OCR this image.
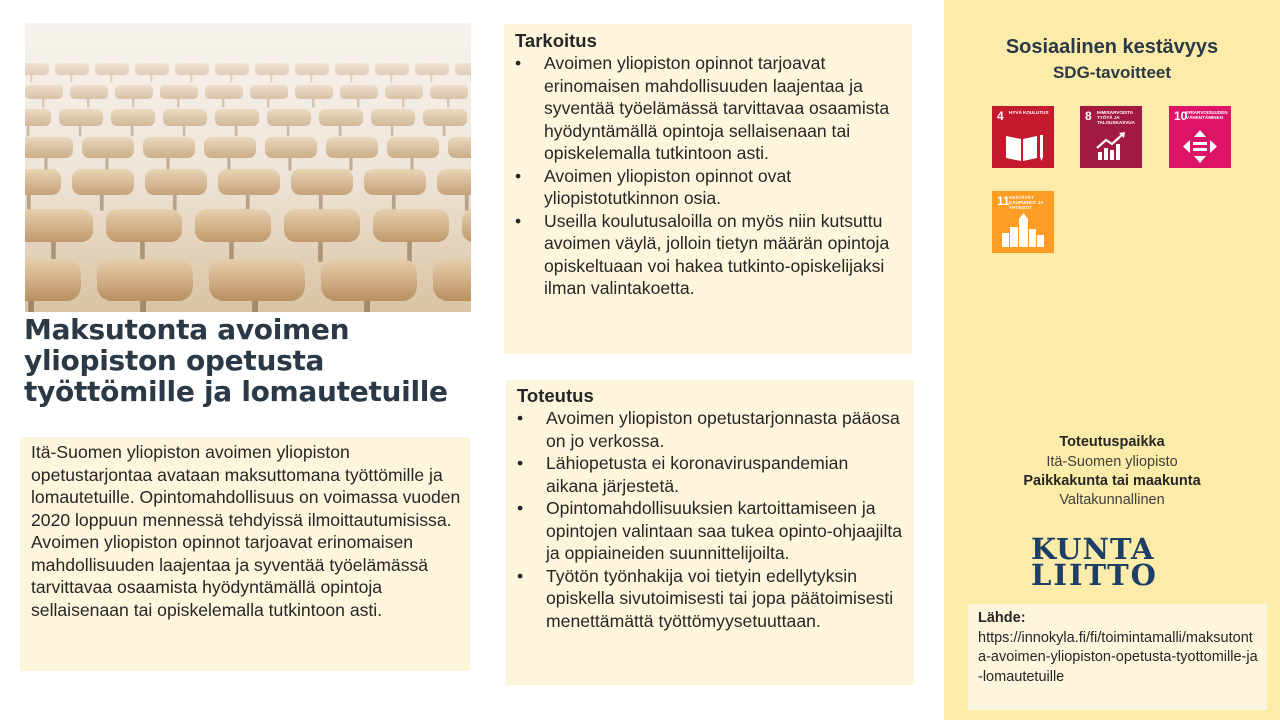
Maksutonta avoimen yliopiston opetusta työttömille ja lomautetuille
Itä-Suomen yliopiston avoimen yliopiston opetustarjontaa avataan maksuttomana työttömille ja lomautetuille. Opintomahdollisuus on voimassa vuoden 2020 loppuun mennessä tehdyissä ilmoittautumisissa. Avoimen yliopiston opinnot tarjoavat erinomaisen mahdollisuuden laajentaa ja syventää työelämässä tarvittavaa osaamista hyödyntämällä opintoja sellaisenaan tai opiskelemalla tutkintoon asti.
Tarkoitus
• Avoimen yliopiston opinnot tarjoavat erinomaisen mahdollisuuden laajentaa ja syventää työelämässä tarvittavaa osaamista hyödyntämällä opintoja sellaisenaan tai opiskelemalla tutkintoon asti.
• Avoimen yliopiston opinnot ovat yliopistotutkinnon osia.
• Useilla koulutusaloilla on myös niin kutsuttu avoimen väylä, jolloin tietyn määrän opintoja opiskeltuaan voi hakea tutkinto-opiskelijaksi ilman valintakoetta.
Toteutus
• Avoimen yliopiston opetustarjonnasta pääosa on jo verkossa.
• Lähiopetusta ei koronaviruspandemian aikana järjestetä.
• Opintomahdollisuuksien kartoittamiseen ja opintojen valintaan saa tukea opinto-ohjaajilta ja oppiaineiden suunnittelijoilta.
• Työtön työnhakija voi tietyin edellytyksin opiskella sivutoimisesti tai jopa päätoimisesti menettämättä työttömyysetuuttaan.
Sosiaalinen kestävyys
SDG-tavoitteet
4 HYVÄ KOULUTUS	8 IHMISARVOISTA TYÖTÄ JA TALOUSKASVUA	10
ERIARVOISUUDEN VÄHENTÄMINEN
11 KESTÄVÄT KAUPUNGIT JA YHTEISÖT
Toteutuspaikka
Itä-Suomen yliopisto
Paikkakunta tai maakunta
Valtakunnallinen
KUNTA
LIITTO
Lähde:
https://innokyla.fi/fi/toimintamalli/maksutonta-avoimen-yliopiston-opetusta-tyottomille-ja-lomautetuille
